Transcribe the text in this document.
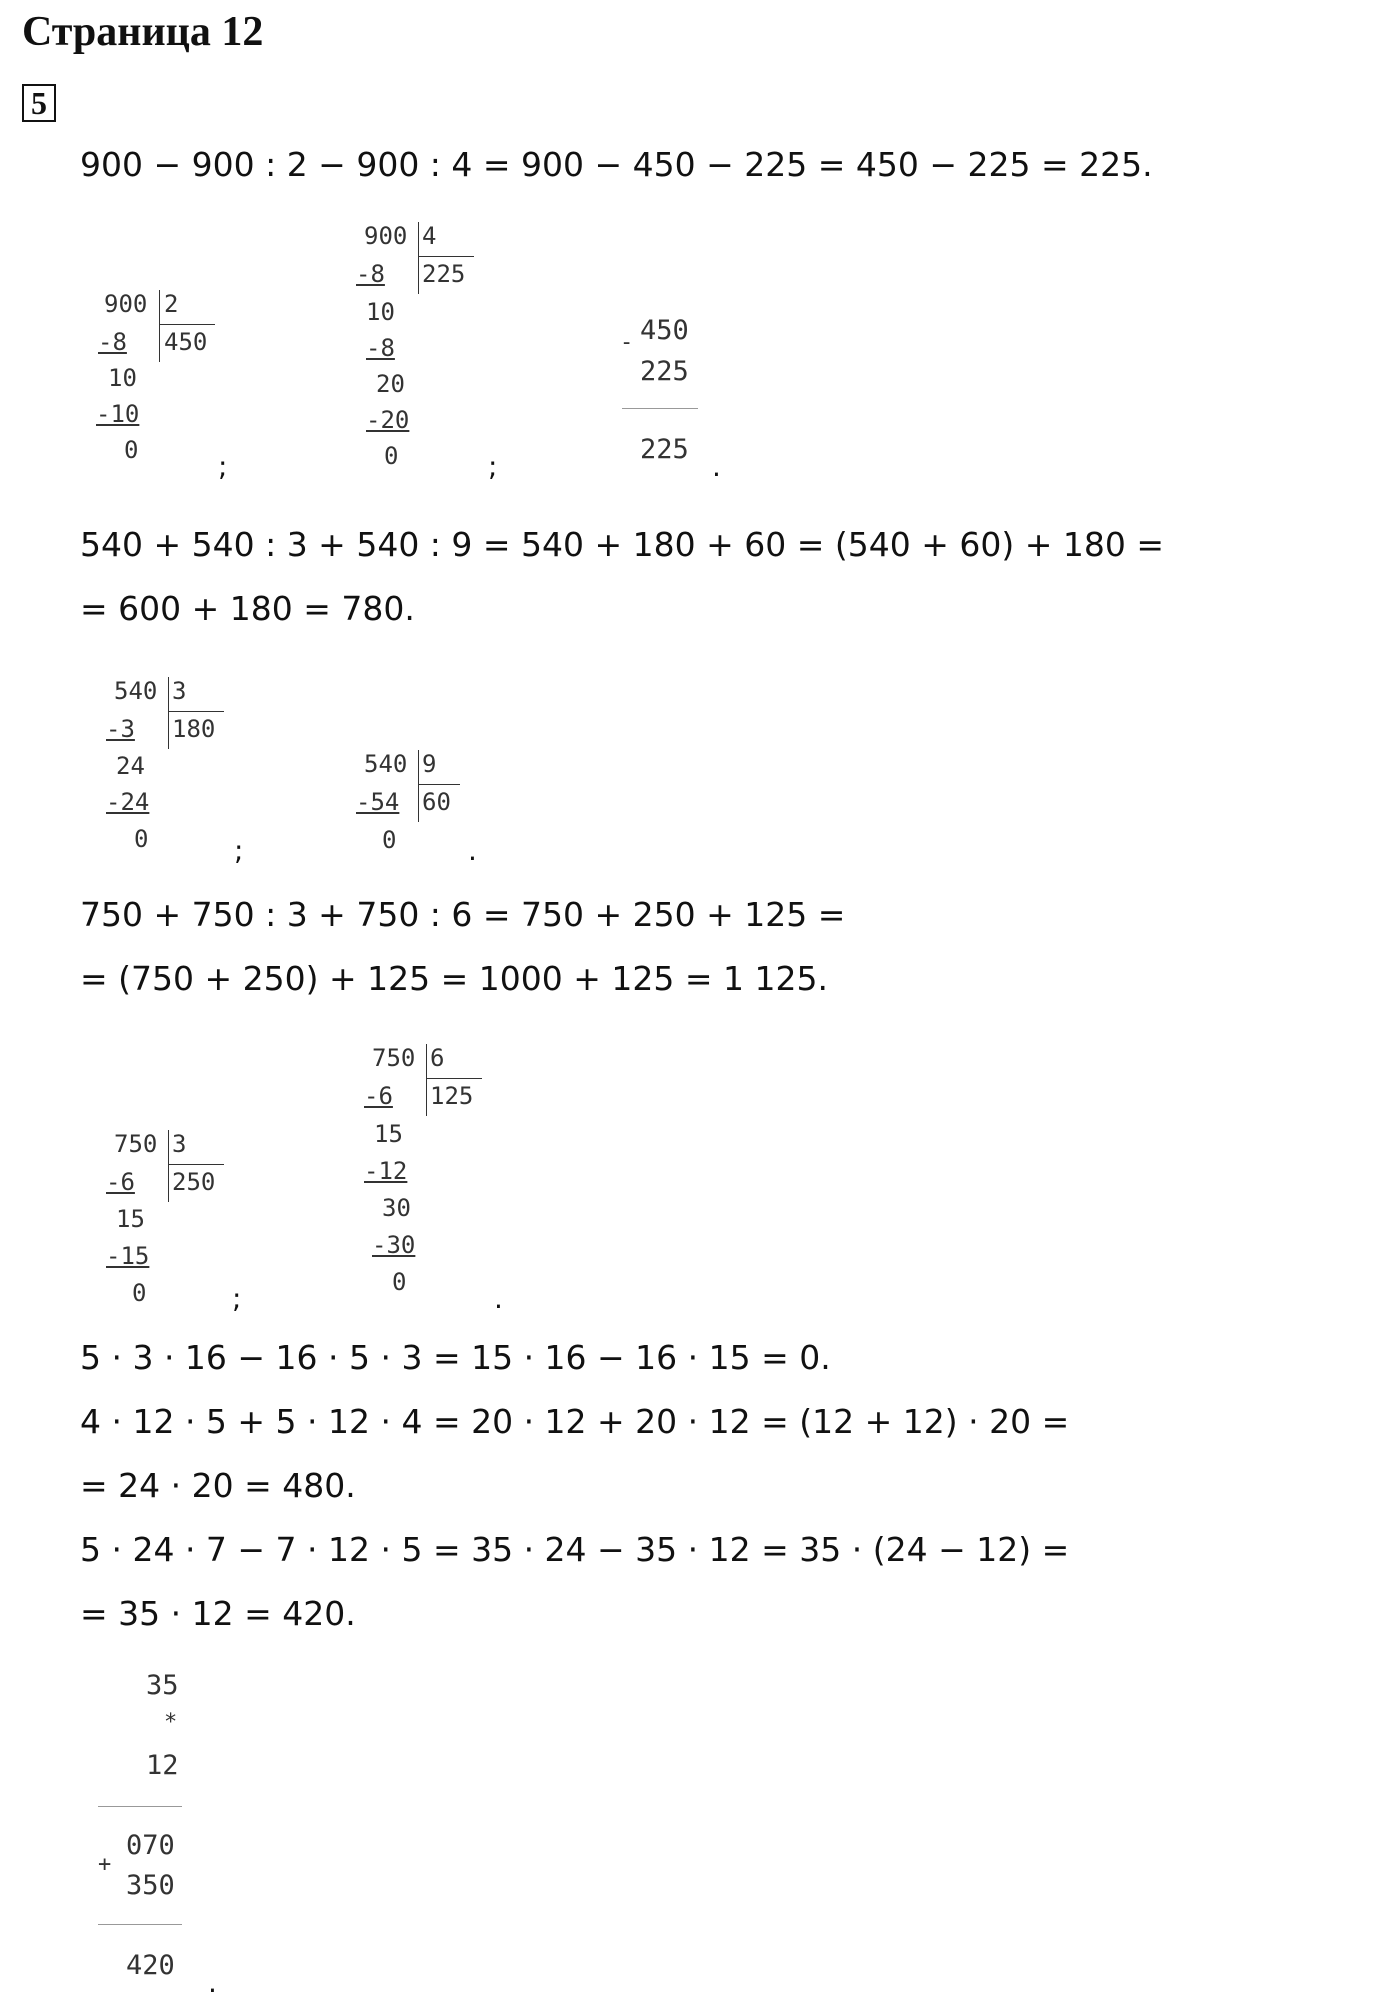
Страница 12
5
900 − 900 : 2 − 900 : 4 = 900 − 450 − 225 = 450 − 225 = 225.
900 2
450
-8
10
-10
0	;
900 4
225
-8
10
-8
20
-20
0	;
- 450
225
225
.
540 + 540 : 3 + 540 : 9 = 540 + 180 + 60 = (540 + 60) + 180 =
= 600 + 180 = 780.
540 3
180
-3
24
-24
0	;
540 9
60
-54
0	.
750 + 750 : 3 + 750 : 6 = 750 + 250 + 125 =
= (750 + 250) + 125 = 1000 + 125 = 1 125.
750 3
250
-6
15
-15
0	;
750 6
125
-6
15
-12
30
-30
0	.
5 · 3 · 16 − 16 · 5 · 3 = 15 · 16 − 16 · 15 = 0.
4 · 12 · 5 + 5 · 12 · 4 = 20 · 12 + 20 · 12 = (12 + 12) · 20 =
= 24 · 20 = 480.
5 · 24 · 7 − 7 · 12 · 5 = 35 · 24 − 35 · 12 = 35 · (24 − 12) =
= 35 · 12 = 420.
35
*
12
070
+
350
420
.
